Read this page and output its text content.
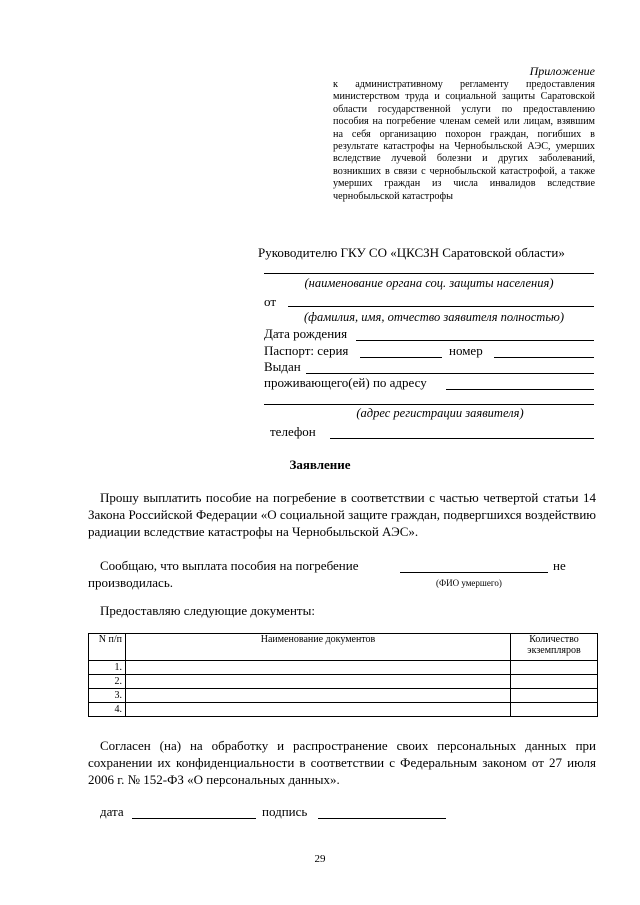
Приложение
к административному регламенту предоставления министерством труда и социальной защиты Саратовской области государственной услуги по предоставлению пособия на погребение членам семей или лицам, взявшим на себя организацию похорон граждан, погибших в результате катастрофы на Чернобыльской АЭС, умерших вследствие лучевой болезни и других заболеваний, возникших в связи с чернобыльской катастрофой, а также умерших граждан из числа инвалидов вследствие чернобыльской катастрофы
Руководителю ГКУ СО «ЦКСЗН Саратовской области»
(наименование органа соц. защиты населения)
от
(фамилия, имя, отчество заявителя полностью)
Дата рождения
Паспорт: серия	номер
Выдан
проживающего(ей) по адресу
(адрес регистрации заявителя)
телефон
Заявление
Прошу выплатить пособие на погребение в соответствии с частью четвертой статьи 14 Закона Российской Федерации «О социальной защите граждан, подвергшихся воздействию радиации вследствие катастрофы на Чернобыльской АЭС».
Сообщаю, что выплата пособия на погребение	не
производилась.	(ФИО умершего)
Предоставляю следующие документы:
N п/п	Наименование документов	Количество экземпляров
1.		
2.		
3.		
4.		
Согласен (на) на обработку и распространение своих персональных данных при сохранении их конфиденциальности в соответствии с Федеральным законом от 27 июля 2006 г. № 152-ФЗ «О персональных данных».
дата	подпись
29
